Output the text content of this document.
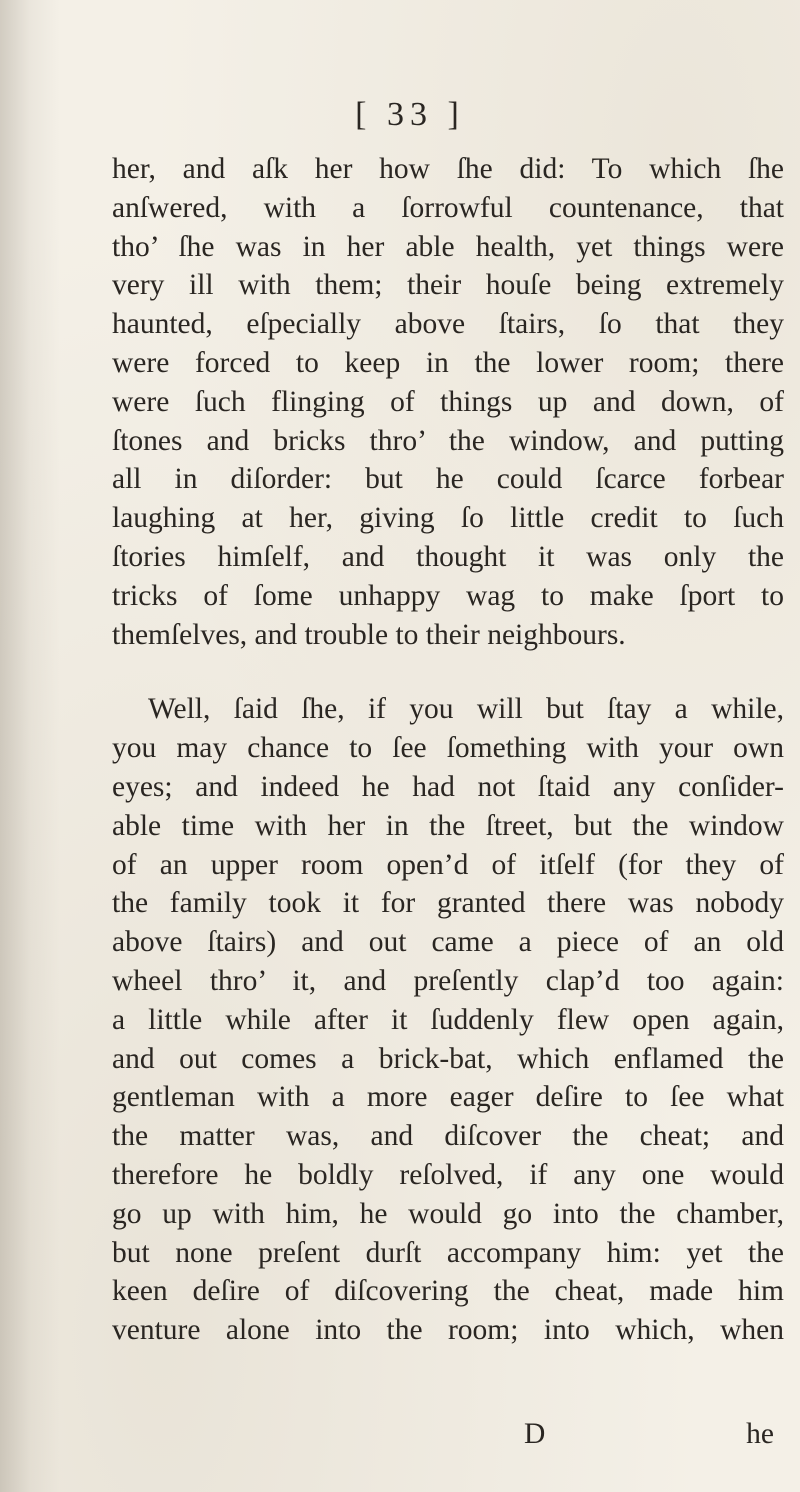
[ 33 ]
her, and aſk her how ſhe did: To which ſhe
anſwered, with a ſorrowful countenance, that
tho’ ſhe was in her able health, yet things were
very ill with them; their houſe being extremely
haunted, eſpecially above ſtairs, ſo that they
were forced to keep in the lower room; there
were ſuch flinging of things up and down, of
ſtones and bricks thro’ the window, and putting
all in diſorder: but he could ſcarce forbear
laughing at her, giving ſo little credit to ſuch
ſtories himſelf, and thought it was only the
tricks of ſome unhappy wag to make ſport to
themſelves, and trouble to their neighbours.
Well, ſaid ſhe, if you will but ſtay a while,
you may chance to ſee ſomething with your own
eyes; and indeed he had not ſtaid any conſider-
able time with her in the ſtreet, but the window
of an upper room open’d of itſelf (for they of
the family took it for granted there was nobody
above ſtairs) and out came a piece of an old
wheel thro’ it, and preſently clap’d too again:
a little while after it ſuddenly flew open again,
and out comes a brick-bat, which enflamed the
gentleman with a more eager deſire to ſee what
the matter was, and diſcover the cheat; and
therefore he boldly reſolved, if any one would
go up with him, he would go into the chamber,
but none preſent durſt accompany him: yet the
keen deſire of diſcovering the cheat, made him
venture alone into the room; into which, when
D	he
